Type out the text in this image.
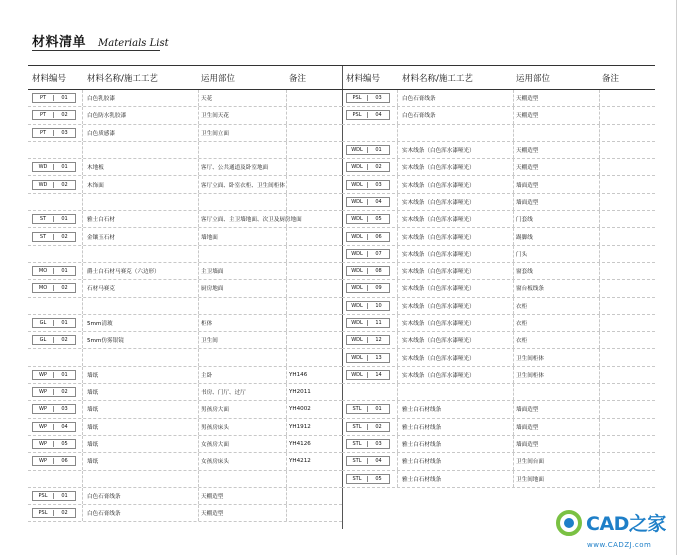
材料清单 Materials List
材料编号	材料名称/施工工艺	运用部位	备注
PT	01	白色乳胶漆	天花
PT	02	白色防水乳胶漆	卫生间天花
PT	03	白色质感漆	卫生间立面
WD	01	木地板	客厅、公共通道及卧室地面
WD	02	木饰面	客厅立面、卧室衣柜、卫生间柜体
ST	01	雅士白石材	客厅立面、主卫墙地面、次卫及厨房地面
ST	02	金镶玉石材	墙地面
MO	01	爵士白石材马赛克（六边形）	主卫墙面
MO	02	石材马赛克	厨房地面
GL	01	5mm清玻	柜体
GL	02	5mm仿雾银镜	卫生间
WP	01	墙纸	主卧	YH146
WP	02	墙纸	书房、门厅、过厅	YH2011
WP	03	墙纸	男孩房大面	YH4002
WP	04	墙纸	男孩房床头	YH1912
WP	05	墙纸	女孩房大面	YH4126
WP	06	墙纸	女孩房床头	YH4212
PSL	01	白色石膏线条	天棚造型
PSL	02	白色石膏线条	天棚造型
材料编号	材料名称/施工工艺	运用部位	备注
PSL	03	白色石膏线条	天棚造型
PSL	04	白色石膏线条	天棚造型
WDL	01	实木线条（白色浑水漆哑光）	天棚造型
WDL	02	实木线条（白色浑水漆哑光）	天棚造型
WDL	03	实木线条（白色浑水漆哑光）	墙面造型
WDL	04	实木线条（白色浑水漆哑光）	墙面造型
WDL	05	实木线条（白色浑水漆哑光）	门套线
WDL	06	实木线条（白色浑水漆哑光）	踢脚线
WDL	07	实木线条（白色浑水漆哑光）	门头
WDL	08	实木线条（白色浑水漆哑光）	窗套线
WDL	09	实木线条（白色浑水漆哑光）	窗台板线条
WDL	10	实木线条（白色浑水漆哑光）	衣柜
WDL	11	实木线条（白色浑水漆哑光）	衣柜
WDL	12	实木线条（白色浑水漆哑光）	衣柜
WDL	13	实木线条（白色浑水漆哑光）	卫生间柜体
WDL	14	实木线条（白色浑水漆哑光）	卫生间柜体
STL	01	雅士白石材线条	墙面造型
STL	02	雅士白石材线条	墙面造型
STL	03	雅士白石材线条	墙面造型
STL	04	雅士白石材线条	卫生间台面
STL	05	雅士白石材线条	卫生间地面
CAD之家
www.CADZJ.com
